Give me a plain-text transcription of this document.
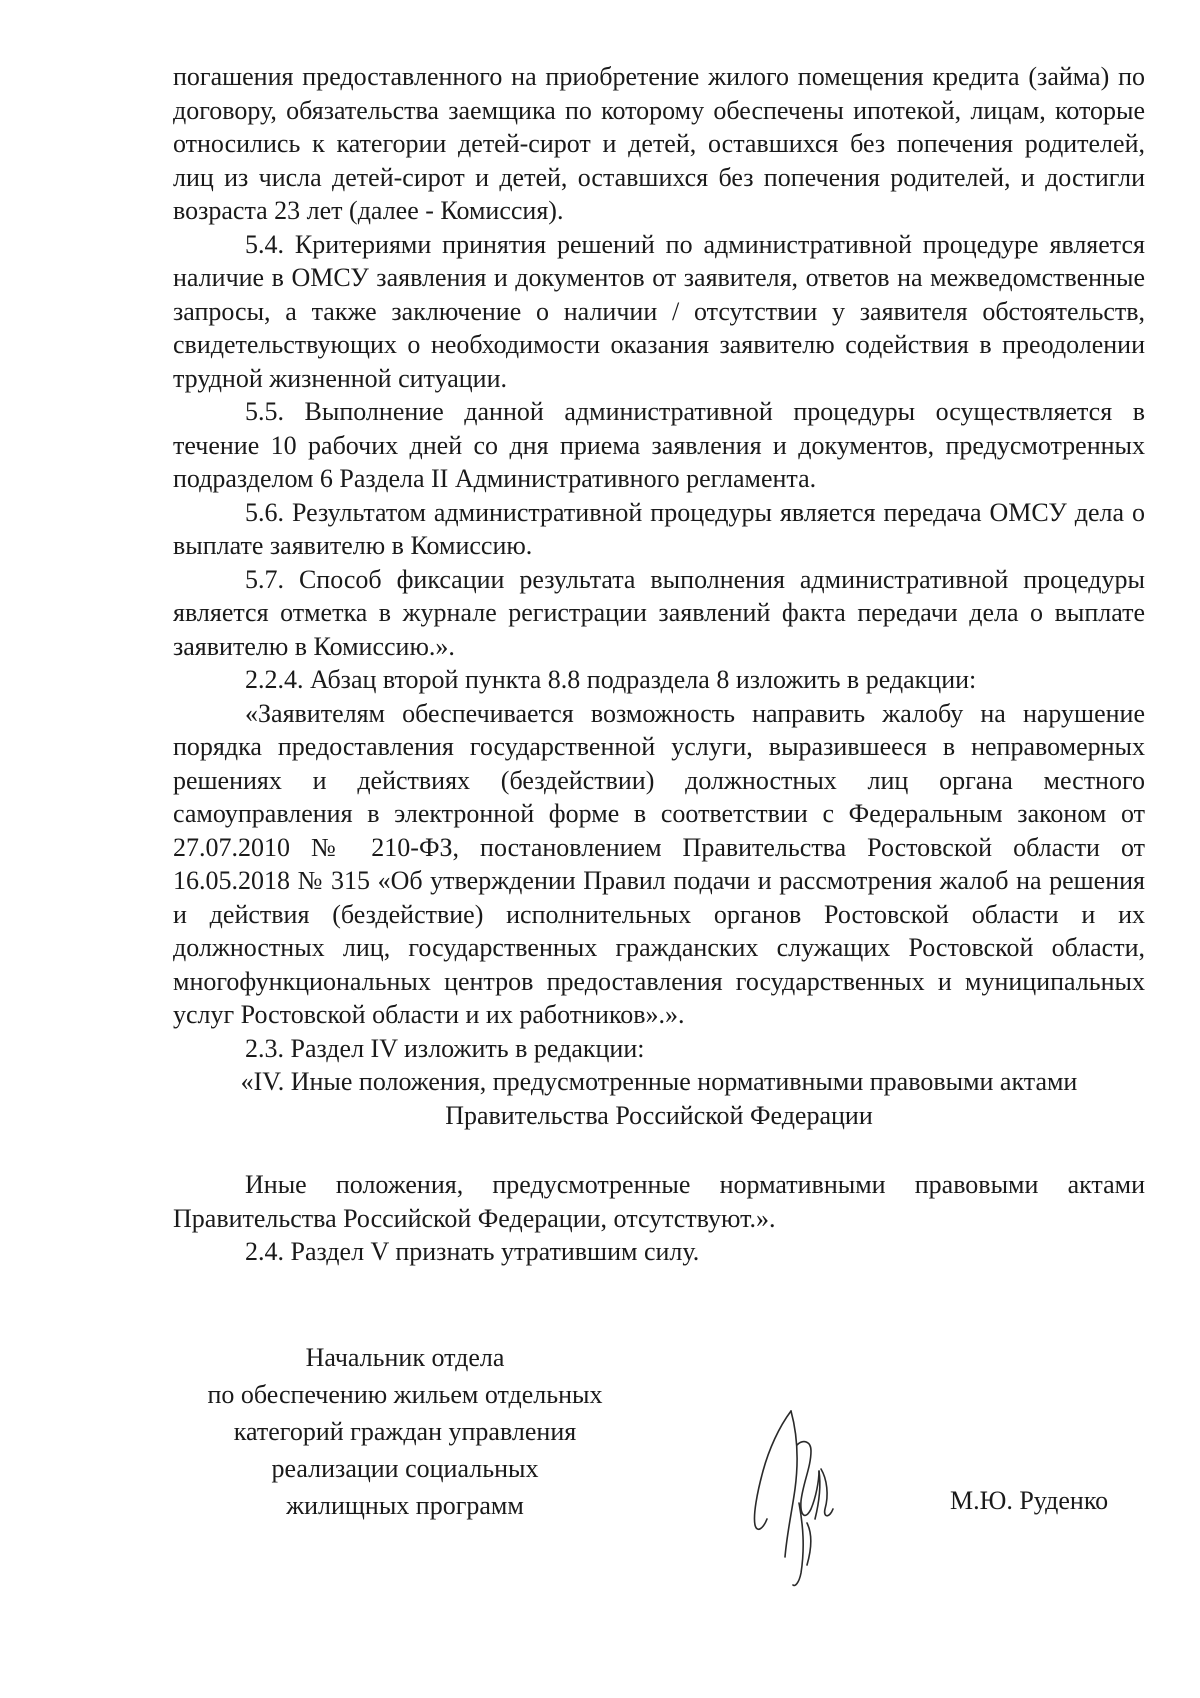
погашения предоставленного на приобретение жилого помещения кредита (займа) по договору, обязательства заемщика по которому обеспечены ипотекой, лицам, которые относились к категории детей-сирот и детей, оставшихся без попечения родителей, лиц из числа детей-сирот и детей, оставшихся без попечения родителей, и достигли возраста 23 лет (далее - Комиссия).

5.4. Критериями принятия решений по административной процедуре является наличие в ОМСУ заявления и документов от заявителя, ответов на межведомственные запросы, а также заключение о наличии / отсутствии у заявителя обстоятельств, свидетельствующих о необходимости оказания заявителю содействия в преодолении трудной жизненной ситуации.

5.5. Выполнение данной административной процедуры осуществляется в течение 10 рабочих дней со дня приема заявления и документов, предусмотренных подразделом 6 Раздела II Административного регламента.

5.6. Результатом административной процедуры является передача ОМСУ дела о выплате заявителю в Комиссию.

5.7. Способ фиксации результата выполнения административной процедуры является отметка в журнале регистрации заявлений факта передачи дела о выплате заявителю в Комиссию.».

2.2.4. Абзац второй пункта 8.8 подраздела 8 изложить в редакции:

«Заявителям обеспечивается возможность направить жалобу на нарушение порядка предоставления государственной услуги, выразившееся в неправомерных решениях и действиях (бездействии) должностных лиц органа местного самоуправления в электронной форме в соответствии с Федеральным законом от 27.07.2010 № 210-ФЗ, постановлением Правительства Ростовской области от 16.05.2018 № 315 «Об утверждении Правил подачи и рассмотрения жалоб на решения и действия (бездействие) исполнительных органов Ростовской области и их должностных лиц, государственных гражданских служащих Ростовской области, многофункциональных центров предоставления государственных и муниципальных услуг Ростовской области и их работников».».

2.3. Раздел IV изложить в редакции:

«IV. Иные положения, предусмотренные нормативными правовыми актами

Правительства Российской Федерации

Иные положения, предусмотренные нормативными правовыми актами Правительства Российской Федерации, отсутствуют.».

2.4. Раздел V признать утратившим силу.

Начальник отдела
по обеспечению жильем отдельных
категорий граждан управления
реализации социальных
жилищных программ	М.Ю. Руденко
